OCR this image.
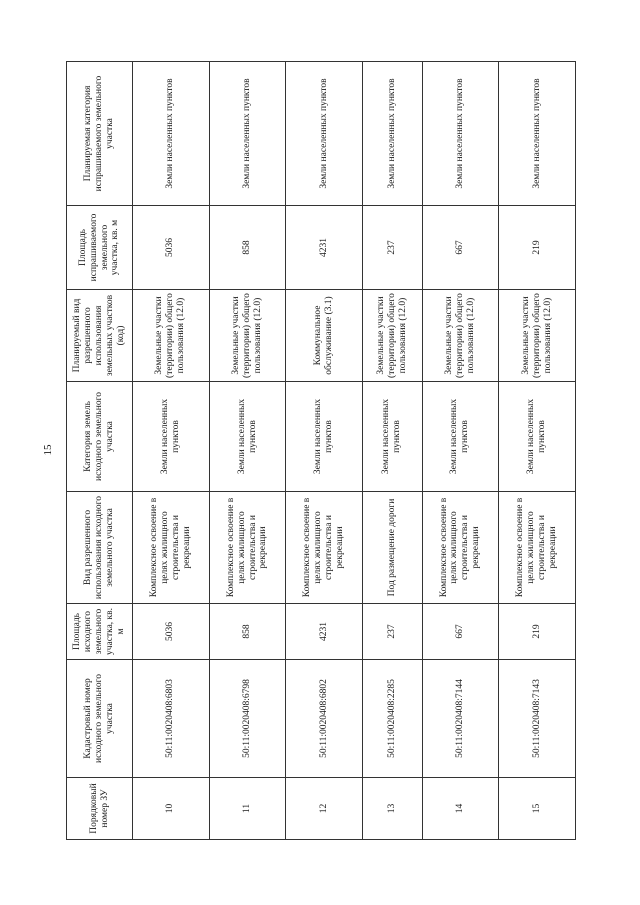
15
Порядковый номер ЗУ	Кадастровый номер исходного земельного участка	Площадь исходного земельного участка, кв. м	Вид разрешенного использования исходного земельного участка	Категория земель исходного земельного участка	Планируемый вид разрешенного использования земельных участков (код)	Площадь испрашиваемого земельного участка, кв. м	Планируемая категория испрашиваемого земельного участка
10	50:11:0020408:6803	5036	Комплексное освоение в целях жилищного строительства и рекреации	Земли населенных пунктов	Земельные участки (территории) общего пользования (12.0)	5036	Земли населенных пунктов
11	50:11:0020408:6798	858	Комплексное освоение в целях жилищного строительства и рекреации	Земли населенных пунктов	Земельные участки (территории) общего пользования (12.0)	858	Земли населенных пунктов
12	50:11:0020408:6802	4231	Комплексное освоение в целях жилищного строительства и рекреации	Земли населенных пунктов	Коммунальное обслуживание (3.1)	4231	Земли населенных пунктов
13	50:11:0020408:2285	237	Под размещение дороги	Земли населенных пунктов	Земельные участки (территории) общего пользования (12.0)	237	Земли населенных пунктов
14	50:11:0020408:7144	667	Комплексное освоение в целях жилищного строительства и рекреации	Земли населенных пунктов	Земельные участки (территории) общего пользования (12.0)	667	Земли населенных пунктов
15	50:11:0020408:7143	219	Комплексное освоение в целях жилищного строительства и рекреации	Земли населенных пунктов	Земельные участки (территории) общего пользования (12.0)	219	Земли населенных пунктов
